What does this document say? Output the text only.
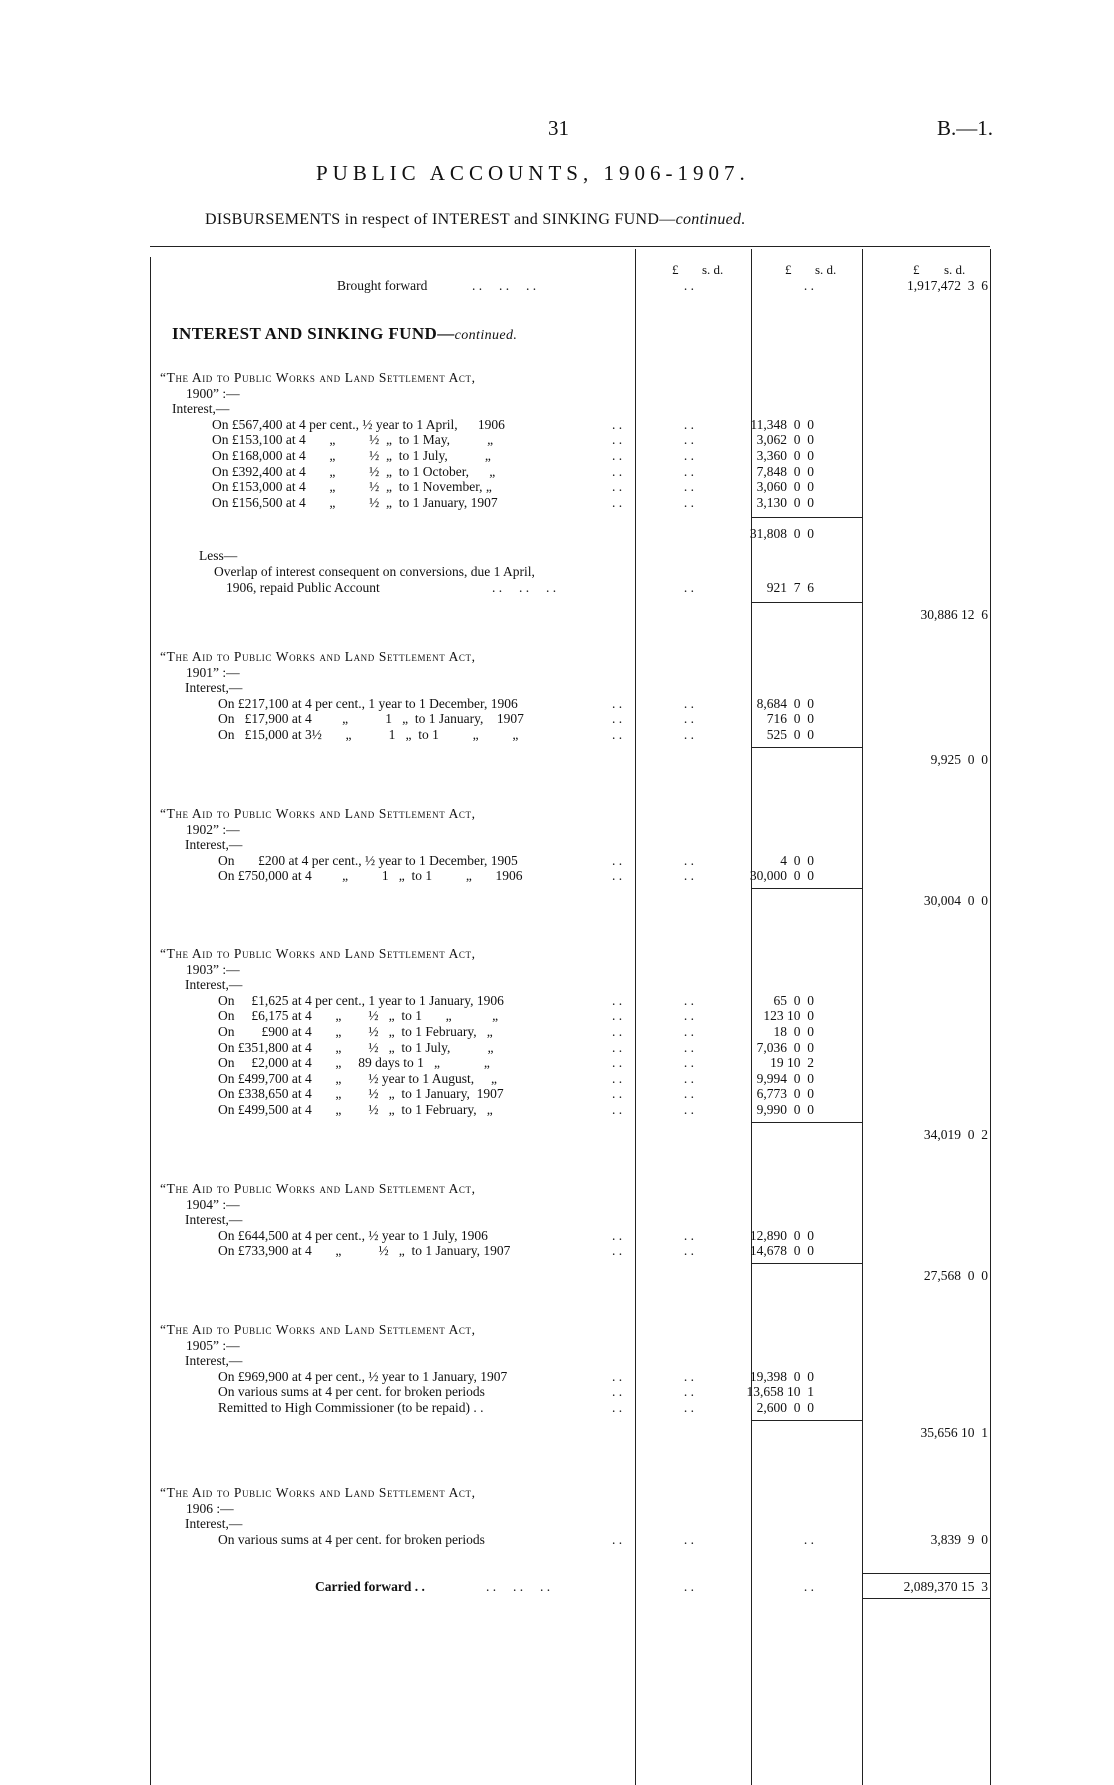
31	B.—1.
PUBLIC ACCOUNTS, 1906-1907.
DISBURSEMENTS in respect of INTEREST and SINKING FUND—continued.
£ s. d.	£ s. d.	£ s. d.
Brought forward	. .     . .     . .	. .	. .	1,917,472  3  6
INTEREST AND SINKING FUND—continued.
“The Aid to Public Works and Land Settlement Act,
1900” :—
Interest,—
On £567,400 at 4 per cent., ½ year to 1 April,      1906	. .	. .	11,348  0  0
On £153,100 at 4       „          ½  „  to 1 May,           „	. .	. .	3,062  0  0
On £168,000 at 4       „          ½  „  to 1 July,           „	. .	. .	3,360  0  0
On £392,400 at 4       „          ½  „  to 1 October,      „	. .	. .	7,848  0  0
On £153,000 at 4       „          ½  „  to 1 November, „	. .	. .	3,060  0  0
On £156,500 at 4       „          ½  „  to 1 January, 1907	. .	. .	3,130  0  0
31,808  0  0
Less—
Overlap of interest consequent on conversions, due 1 April,
1906, repaid Public Account	. .     . .     . .	. .	921  7  6
30,886 12  6
“The Aid to Public Works and Land Settlement Act,
1901” :—
Interest,—
On £217,100 at 4 per cent., 1 year to 1 December, 1906	. .	. .	8,684  0  0
On   £17,900 at 4         „           1   „  to 1 January,    1907	. .	. .	716  0  0
On   £15,000 at 3½       „           1   „  to 1          „          „	. .	. .	525  0  0
9,925  0  0
“The Aid to Public Works and Land Settlement Act,
1902” :—
Interest,—
On       £200 at 4 per cent., ½ year to 1 December, 1905	. .	. .	4  0  0
On £750,000 at 4         „          1   „  to 1          „       1906	. .	. .	30,000  0  0
30,004  0  0
“The Aid to Public Works and Land Settlement Act,
1903” :—
Interest,—
On     £1,625 at 4 per cent., 1 year to 1 January, 1906	. .	. .	65  0  0
On     £6,175 at 4       „        ½   „  to 1       „            „	. .	. .	123 10  0
On        £900 at 4       „        ½   „  to 1 February,   „	. .	. .	18  0  0
On £351,800 at 4       „        ½   „  to 1 July,           „	. .	. .	7,036  0  0
On     £2,000 at 4       „     89 days to 1   „             „	. .	. .	19 10  2
On £499,700 at 4       „        ½ year to 1 August,     „	. .	. .	9,994  0  0
On £338,650 at 4       „        ½   „  to 1 January,  1907	. .	. .	6,773  0  0
On £499,500 at 4       „        ½   „  to 1 February,   „	. .	. .	9,990  0  0
34,019  0  2
“The Aid to Public Works and Land Settlement Act,
1904” :—
Interest,—
On £644,500 at 4 per cent., ½ year to 1 July, 1906	. .	. .	12,890  0  0
On £733,900 at 4       „           ½   „  to 1 January, 1907	. .	. .	14,678  0  0
27,568  0  0
“The Aid to Public Works and Land Settlement Act,
1905” :—
Interest,—
On £969,900 at 4 per cent., ½ year to 1 January, 1907	. .	. .	19,398  0  0
On various sums at 4 per cent. for broken periods	. .	. .	13,658 10  1
Remitted to High Commissioner (to be repaid) . .	. .	. .	2,600  0  0
35,656 10  1
“The Aid to Public Works and Land Settlement Act,
1906 :—
Interest,—
On various sums at 4 per cent. for broken periods	. .	. .	. .	3,839  9  0
Carried forward . .	. .     . .     . .	. .	. .	2,089,370 15  3
